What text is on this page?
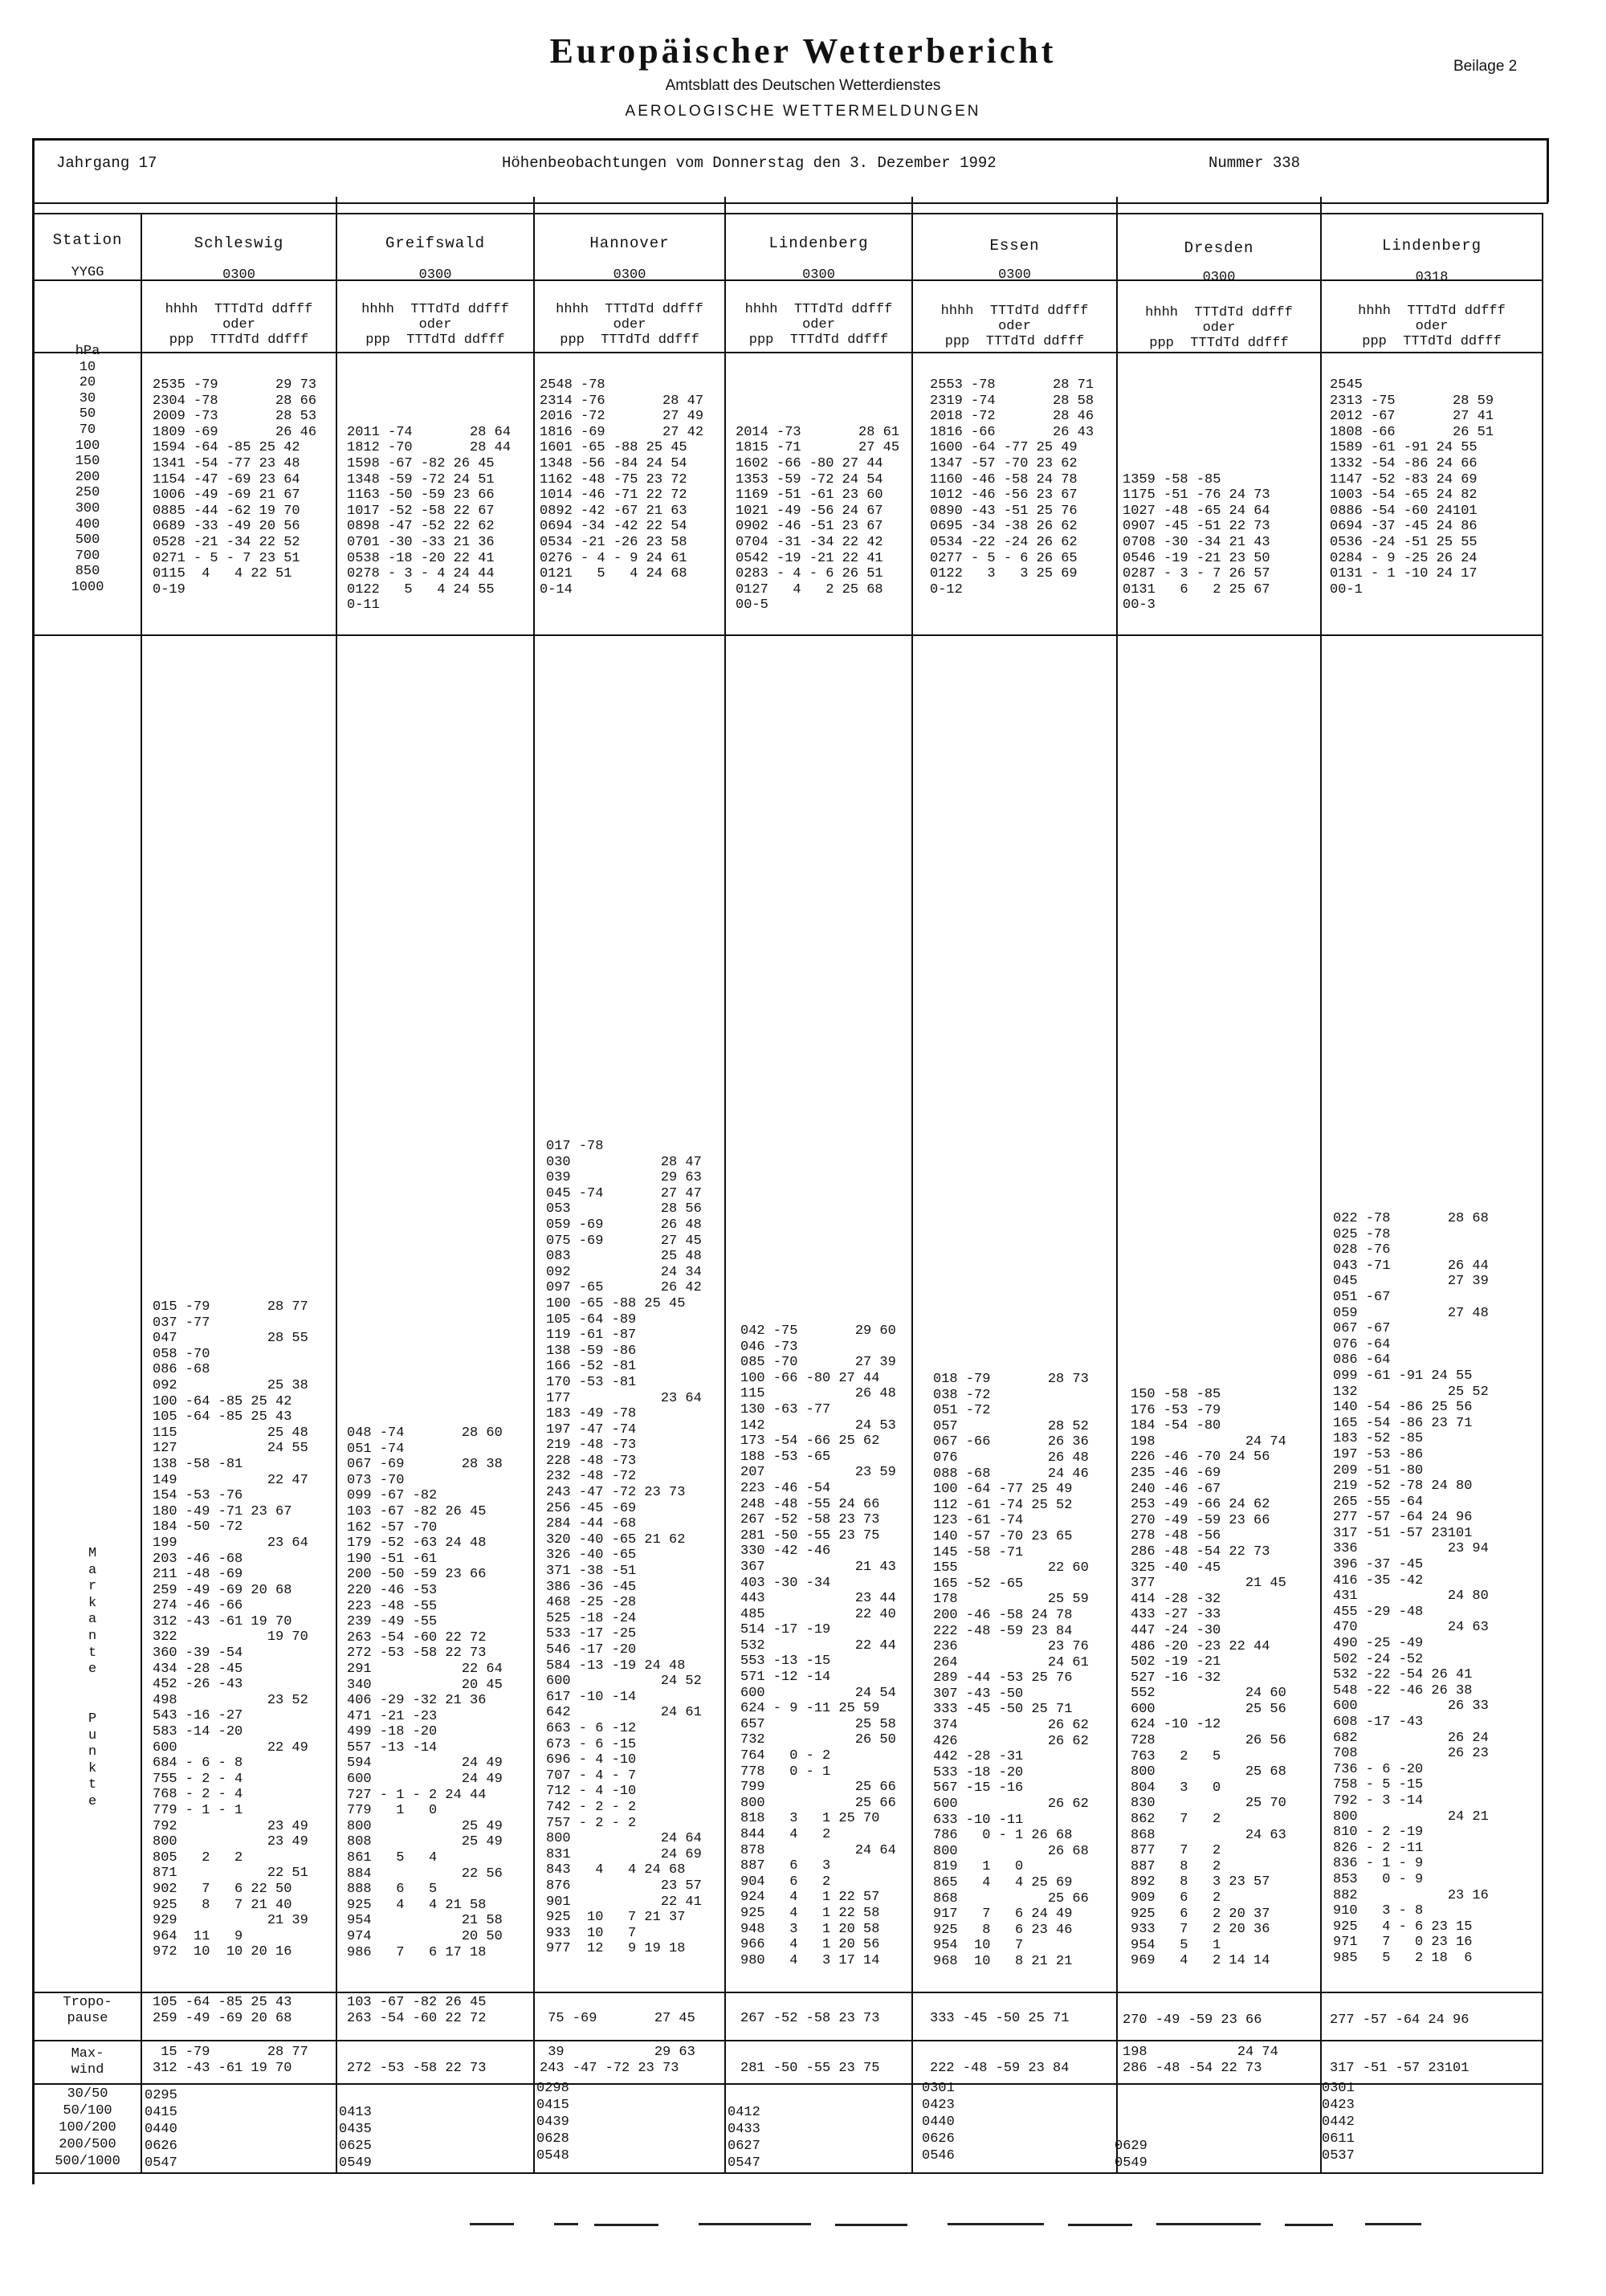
Europäischer Wetterbericht
Amtsblatt des Deutschen Wetterdienstes
AEROLOGISCHE WETTERMELDUNGEN
Beilage 2
Jahrgang 17	Höhenbeobachtungen vom Donnerstag den 3. Dezember 1992	Nummer 338
Station
YYGG
hPa
10
20
30
50
70
100
150
200
250
300
400
500
700
850
1000
M
a
r
k
a
n
t
e

P
u
n
k
t
e
Tropo-
pause
Max-
wind
30/50
50/100
100/200
200/500
500/1000
Schleswig
0300
hhhh  TTTdTd ddfff
oder
ppp  TTTdTd ddfff
2535 -79       29 73
2304 -78       28 66
2009 -73       28 53
1809 -69       26 46
1594 -64 -85 25 42
1341 -54 -77 23 48
1154 -47 -69 23 64
1006 -49 -69 21 67
0885 -44 -62 19 70
0689 -33 -49 20 56
0528 -21 -34 22 52
0271 - 5 - 7 23 51
0115  4   4 22 51
0-19
015 -79       28 77
037 -77
047           28 55
058 -70
086 -68
092           25 38
100 -64 -85 25 42
105 -64 -85 25 43
115           25 48
127           24 55
138 -58 -81
149           22 47
154 -53 -76
180 -49 -71 23 67
184 -50 -72
199           23 64
203 -46 -68
211 -48 -69
259 -49 -69 20 68
274 -46 -66
312 -43 -61 19 70
322           19 70
360 -39 -54
434 -28 -45
452 -26 -43
498           23 52
543 -16 -27
583 -14 -20
600           22 49
684 - 6 - 8
755 - 2 - 4
768 - 2 - 4
779 - 1 - 1
792           23 49
800           23 49
805   2   2
871           22 51
902   7   6 22 50
925   8   7 21 40
929           21 39
964  11   9
972  10  10 20 16
105 -64 -85 25 43
259 -49 -69 20 68
15 -79       28 77
312 -43 -61 19 70
0295
0415
0440
0626
0547
Greifswald
0300
hhhh  TTTdTd ddfff
oder
ppp  TTTdTd ddfff

2011 -74       28 64
1812 -70       28 44
1598 -67 -82 26 45
1348 -59 -72 24 51
1163 -50 -59 23 66
1017 -52 -58 22 67
0898 -47 -52 22 62
0701 -30 -33 21 36
0538 -18 -20 22 41
0278 - 3 - 4 24 44
0122   5   4 24 55
0-11
048 -74       28 60
051 -74
067 -69       28 38
073 -70
099 -67 -82
103 -67 -82 26 45
162 -57 -70
179 -52 -63 24 48
190 -51 -61
200 -50 -59 23 66
220 -46 -53
223 -48 -55
239 -49 -55
263 -54 -60 22 72
272 -53 -58 22 73
291           22 64
340           20 45
406 -29 -32 21 36
471 -21 -23
499 -18 -20
557 -13 -14
594           24 49
600           24 49
727 - 1 - 2 24 44
779   1   0
800           25 49
808           25 49
861   5   4
884           22 56
888   6   5
925   4   4 21 58
954           21 58
974           20 50
986   7   6 17 18
103 -67 -82 26 45
263 -54 -60 22 72

272 -53 -58 22 73

0413
0435
0625
0549
Hannover
0300
hhhh  TTTdTd ddfff
oder
ppp  TTTdTd ddfff
2548 -78
2314 -76       28 47
2016 -72       27 49
1816 -69       27 42
1601 -65 -88 25 45
1348 -56 -84 24 54
1162 -48 -75 23 72
1014 -46 -71 22 72
0892 -42 -67 21 63
0694 -34 -42 22 54
0534 -21 -26 23 58
0276 - 4 - 9 24 61
0121   5   4 24 68
0-14
017 -78
030           28 47
039           29 63
045 -74       27 47
053           28 56
059 -69       26 48
075 -69       27 45
083           25 48
092           24 34
097 -65       26 42
100 -65 -88 25 45
105 -64 -89
119 -61 -87
138 -59 -86
166 -52 -81
170 -53 -81
177           23 64
183 -49 -78
197 -47 -74
219 -48 -73
228 -48 -73
232 -48 -72
243 -47 -72 23 73
256 -45 -69
284 -44 -68
320 -40 -65 21 62
326 -40 -65
371 -38 -51
386 -36 -45
468 -25 -28
525 -18 -24
533 -17 -25
546 -17 -20
584 -13 -19 24 48
600           24 52
617 -10 -14
642           24 61
663 - 6 -12
673 - 6 -15
696 - 4 -10
707 - 4 - 7
712 - 4 -10
742 - 2 - 2
757 - 2 - 2
800           24 64
831           24 69
843   4   4 24 68
876           23 57
901           22 41
925  10   7 21 37
933  10   7
977  12   9 19 18

75 -69       27 45
39           29 63
243 -47 -72 23 73
0298
0415
0439
0628
0548
Lindenberg
0300
hhhh  TTTdTd ddfff
oder
ppp  TTTdTd ddfff

2014 -73       28 61
1815 -71       27 45
1602 -66 -80 27 44
1353 -59 -72 24 54
1169 -51 -61 23 60
1021 -49 -56 24 67
0902 -46 -51 23 67
0704 -31 -34 22 42
0542 -19 -21 22 41
0283 - 4 - 6 26 51
0127   4   2 25 68
00-5
042 -75       29 60
046 -73
085 -70       27 39
100 -66 -80 27 44
115           26 48
130 -63 -77
142           24 53
173 -54 -66 25 62
188 -53 -65
207           23 59
223 -46 -54
248 -48 -55 24 66
267 -52 -58 23 73
281 -50 -55 23 75
330 -42 -46
367           21 43
403 -30 -34
443           23 44
485           22 40
514 -17 -19
532           22 44
553 -13 -15
571 -12 -14
600           24 54
624 - 9 -11 25 59
657           25 58
732           26 50
764   0 - 2
778   0 - 1
799           25 66
800           25 66
818   3   1 25 70
844   4   2
878           24 64
887   6   3
904   6   2
924   4   1 22 57
925   4   1 22 58
948   3   1 20 58
966   4   1 20 56
980   4   3 17 14

267 -52 -58 23 73

281 -50 -55 23 75

0412
0433
0627
0547
Essen
0300
hhhh  TTTdTd ddfff
oder
ppp  TTTdTd ddfff
2553 -78       28 71
2319 -74       28 58
2018 -72       28 46
1816 -66       26 43
1600 -64 -77 25 49
1347 -57 -70 23 62
1160 -46 -58 24 78
1012 -46 -56 23 67
0890 -43 -51 25 76
0695 -34 -38 26 62
0534 -22 -24 26 62
0277 - 5 - 6 26 65
0122   3   3 25 69
0-12
018 -79       28 73
038 -72
051 -72
057           28 52
067 -66       26 36
076           26 48
088 -68       24 46
100 -64 -77 25 49
112 -61 -74 25 52
123 -61 -74
140 -57 -70 23 65
145 -58 -71
155           22 60
165 -52 -65
178           25 59
200 -46 -58 24 78
222 -48 -59 23 84
236           23 76
264           24 61
289 -44 -53 25 76
307 -43 -50
333 -45 -50 25 71
374           26 62
426           26 62
442 -28 -31
533 -18 -20
567 -15 -16
600           26 62
633 -10 -11
786   0 - 1 26 68
800           26 68
819   1   0
865   4   4 25 69
868           25 66
917   7   6 24 49
925   8   6 23 46
954  10   7
968  10   8 21 21

333 -45 -50 25 71

222 -48 -59 23 84
0301
0423
0440
0626
0546
Dresden
0300
hhhh  TTTdTd ddfff
oder
ppp  TTTdTd ddfff

1359 -58 -85
1175 -51 -76 24 73
1027 -48 -65 24 64
0907 -45 -51 22 73
0708 -30 -34 21 43
0546 -19 -21 23 50
0287 - 3 - 7 26 57
0131   6   2 25 67
00-3
150 -58 -85
176 -53 -79
184 -54 -80
198           24 74
226 -46 -70 24 56
235 -46 -69
240 -46 -67
253 -49 -66 24 62
270 -49 -59 23 66
278 -48 -56
286 -48 -54 22 73
325 -40 -45
377           21 45
414 -28 -32
433 -27 -33
447 -24 -30
486 -20 -23 22 44
502 -19 -21
527 -16 -32
552           24 60
600           25 56
624 -10 -12
728           26 56
763   2   5
800           25 68
804   3   0
830           25 70
862   7   2
868           24 63
877   7   2
887   8   2
892   8   3 23 57
909   6   2
925   6   2 20 37
933   7   2 20 36
954   5   1
969   4   2 14 14

270 -49 -59 23 66
198           24 74
286 -48 -54 22 73

0629
0549
Lindenberg
0318
hhhh  TTTdTd ddfff
oder
ppp  TTTdTd ddfff
2545
2313 -75       28 59
2012 -67       27 41
1808 -66       26 51
1589 -61 -91 24 55
1332 -54 -86 24 66
1147 -52 -83 24 69
1003 -54 -65 24 82
0886 -54 -60 24101
0694 -37 -45 24 86
0536 -24 -51 25 55
0284 - 9 -25 26 24
0131 - 1 -10 24 17
00-1
022 -78       28 68
025 -78
028 -76
043 -71       26 44
045           27 39
051 -67
059           27 48
067 -67
076 -64
086 -64
099 -61 -91 24 55
132           25 52
140 -54 -86 25 56
165 -54 -86 23 71
183 -52 -85
197 -53 -86
209 -51 -80
219 -52 -78 24 80
265 -55 -64
277 -57 -64 24 96
317 -51 -57 23101
336           23 94
396 -37 -45
416 -35 -42
431           24 80
455 -29 -48
470           24 63
490 -25 -49
502 -24 -52
532 -22 -54 26 41
548 -22 -46 26 38
600           26 33
608 -17 -43
682           26 24
708           26 23
736 - 6 -20
758 - 5 -15
792 - 3 -14
800           24 21
810 - 2 -19
826 - 2 -11
836 - 1 - 9
853   0 - 9
882           23 16
910   3 - 8
925   4 - 6 23 15
971   7   0 23 16
985   5   2 18  6

277 -57 -64 24 96

317 -51 -57 23101
0301
0423
0442
0611
0537
